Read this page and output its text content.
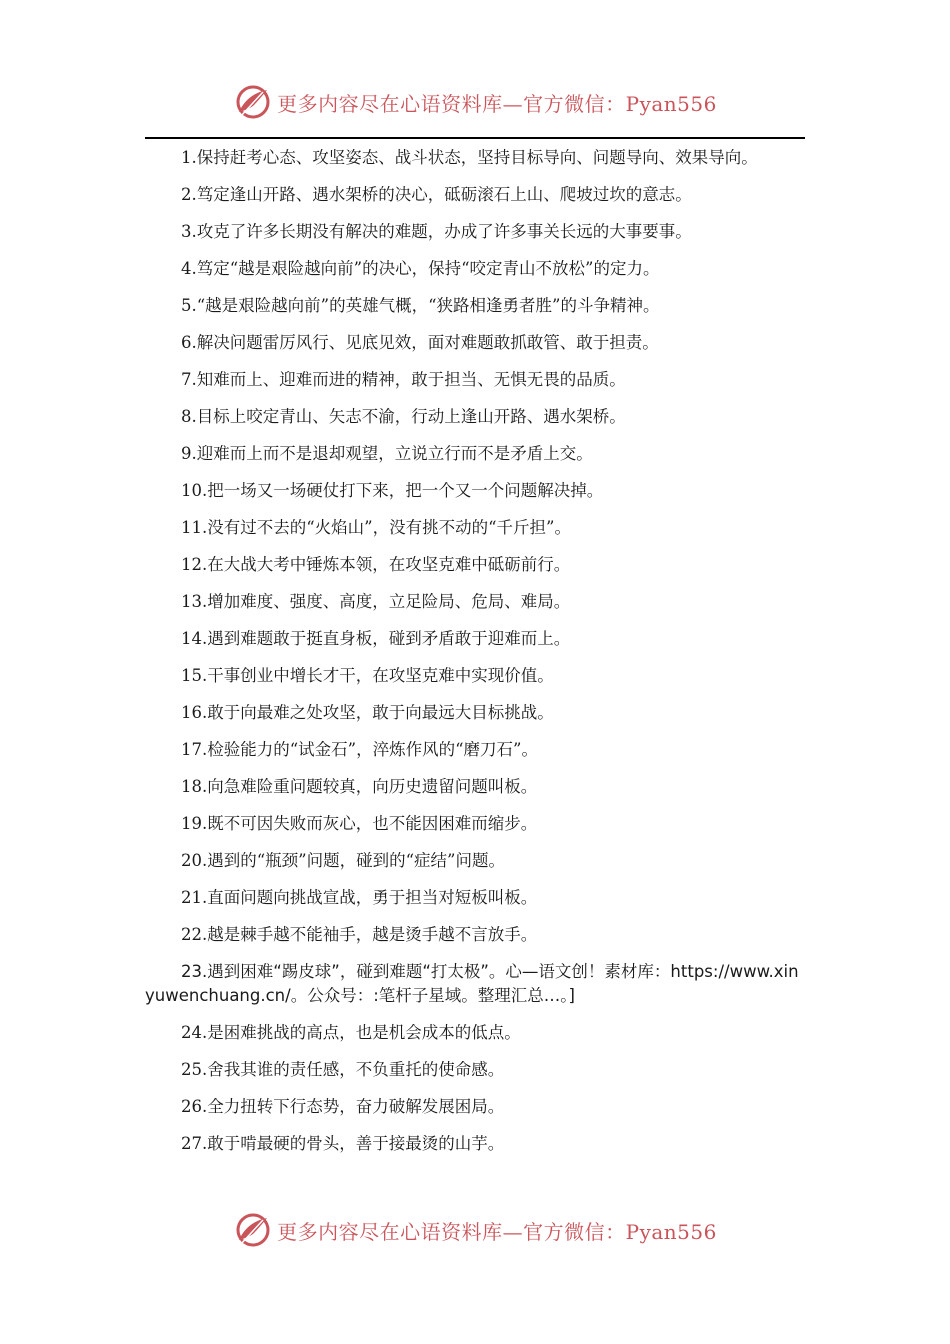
更多内容尽在心语资料库—官方微信：Pyan556

1.保持赶考心态、攻坚姿态、战斗状态，坚持目标导向、问题导向、效果导向。

2.笃定逢山开路、遇水架桥的决心，砥砺滚石上山、爬坡过坎的意志。

3.攻克了许多长期没有解决的难题，办成了许多事关长远的大事要事。

4.笃定“越是艰险越向前”的决心，保持“咬定青山不放松”的定力。

5.“越是艰险越向前”的英雄气概，“狭路相逢勇者胜”的斗争精神。

6.解决问题雷厉风行、见底见效，面对难题敢抓敢管、敢于担责。

7.知难而上、迎难而进的精神，敢于担当、无惧无畏的品质。

8.目标上咬定青山、矢志不渝，行动上逢山开路、遇水架桥。

9.迎难而上而不是退却观望，立说立行而不是矛盾上交。

10.把一场又一场硬仗打下来，把一个又一个问题解决掉。

11.没有过不去的“火焰山”，没有挑不动的“千斤担”。

12.在大战大考中锤炼本领，在攻坚克难中砥砺前行。

13.增加难度、强度、高度，立足险局、危局、难局。

14.遇到难题敢于挺直身板，碰到矛盾敢于迎难而上。

15.干事创业中增长才干，在攻坚克难中实现价值。

16.敢于向最难之处攻坚，敢于向最远大目标挑战。

17.检验能力的“试金石”，淬炼作风的“磨刀石”。

18.向急难险重问题较真，向历史遗留问题叫板。

19.既不可因失败而灰心，也不能因困难而缩步。

20.遇到的“瓶颈”问题，碰到的“症结”问题。

21.直面问题向挑战宣战，勇于担当对短板叫板。

22.越是棘手越不能袖手，越是烫手越不言放手。

23.遇到困难“踢皮球”，碰到难题“打太极”。心—语文创！素材库：https://www.xinyuwenchuang.cn/。公众号：:笔杆子星域。整理汇总…。]

24.是困难挑战的高点，也是机会成本的低点。

25.舍我其谁的责任感，不负重托的使命感。

26.全力扭转下行态势，奋力破解发展困局。

27.敢于啃最硬的骨头，善于接最烫的山芋。

更多内容尽在心语资料库—官方微信：Pyan556
